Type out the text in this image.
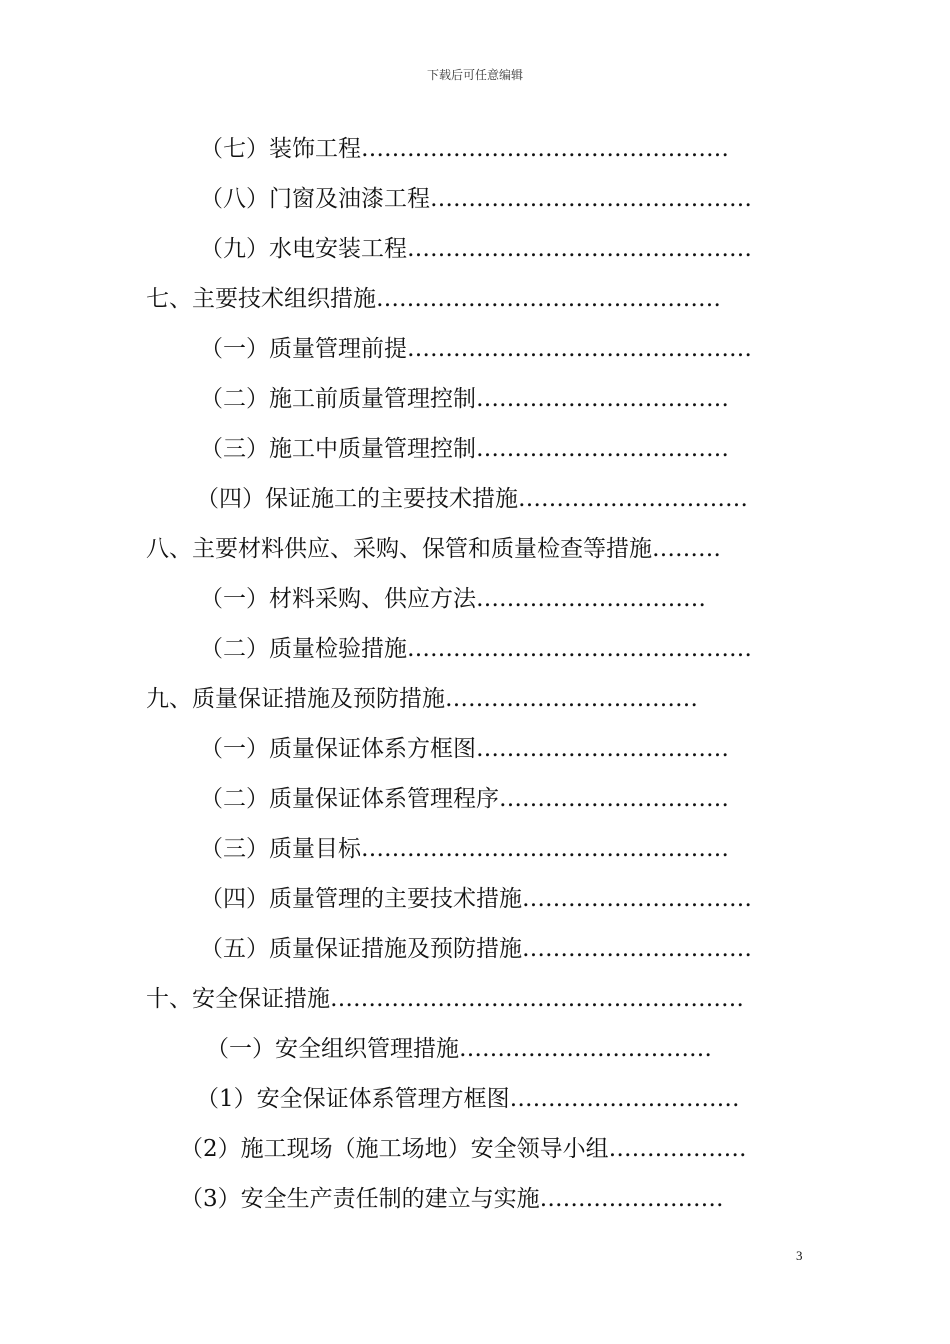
下载后可任意编辑
（七）装饰工程…………………………………………
（八）门窗及油漆工程……………………………………
（九）水电安装工程………………………………………
七、主要技术组织措施………………………………………
（一）质量管理前提………………………………………
（二）施工前质量管理控制……………………………
（三）施工中质量管理控制……………………………
（四）保证施工的主要技术措施…………………………
八、主要材料供应、采购、保管和质量检查等措施………
（一）材料采购、供应方法…………………………
（二）质量检验措施………………………………………
九、质量保证措施及预防措施……………………………
（一）质量保证体系方框图……………………………
（二）质量保证体系管理程序…………………………
（三）质量目标…………………………………………
（四）质量管理的主要技术措施…………………………
（五）质量保证措施及预防措施…………………………
十、安全保证措施………………………………………………
（一）安全组织管理措施……………………………
（1）安全保证体系管理方框图…………………………
（2）施工现场（施工场地）安全领导小组………………
（3）安全生产责任制的建立与实施……………………
3
